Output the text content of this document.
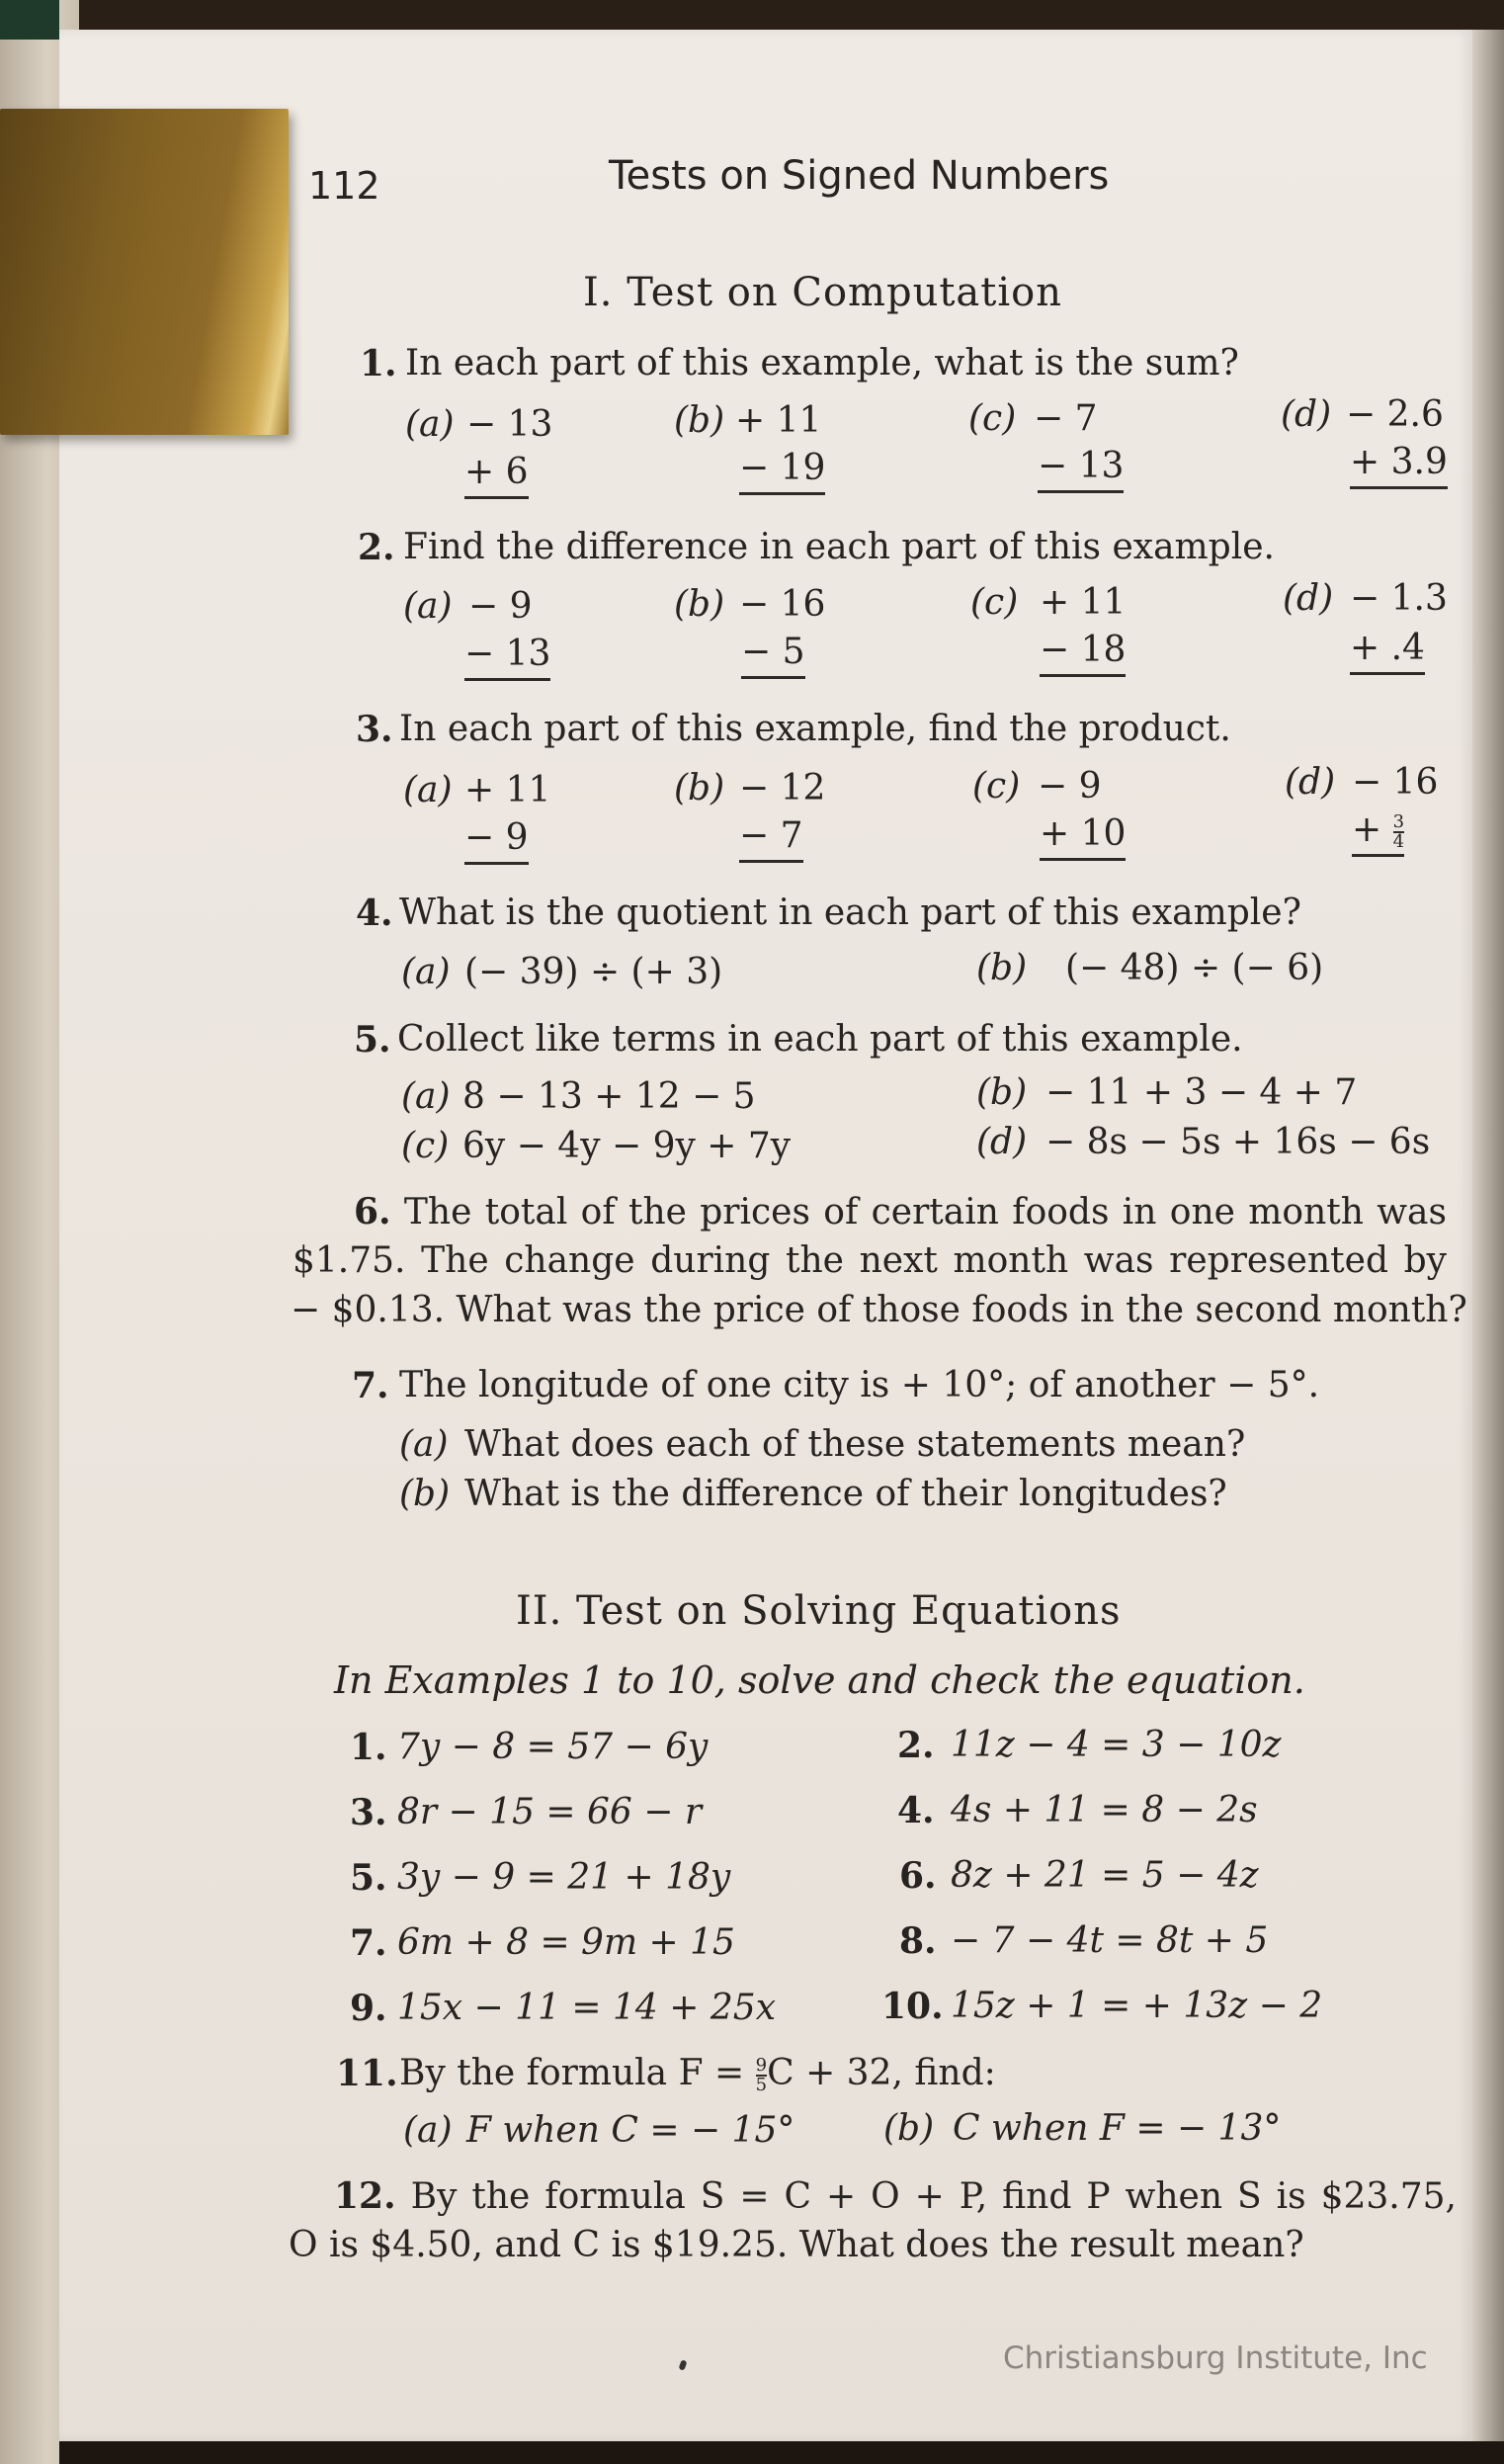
112	Tests on Signed Numbers
I. Test on Computation
1. In each part of this example, what is the sum?
(a) − 13
+ 6
(b) + 11
− 19
(c) − 7
− 13
(d) − 2.6
+ 3.9
2. Find the difference in each part of this example.
(a) − 9
− 13
(b) − 16
− 5
(c) + 11
− 18
(d) − 1.3
+ .4
3. In each part of this example, find the product.
(a) + 11
− 9
(b) − 12
− 7
(c) − 9
+ 10
(d) − 16
+ $\frac{3}{4}$
4. What is the quotient in each part of this example?
(a) (− 39) ÷ (+ 3)	(b) (− 48) ÷ (− 6)
5. Collect like terms in each part of this example.
(a) 8 − 13 + 12 − 5	(b) − 11 + 3 − 4 + 7
(c) 6y − 4y − 9y + 7y	(d) − 8s − 5s + 16s − 6s
6. The total of the prices of certain foods in one month was
$1.75. The change during the next month was represented by
− $0.13. What was the price of those foods in the second month?
7. The longitude of one city is + 10°; of another − 5°.
(a) What does each of these statements mean?
(b) What is the difference of their longitudes?
II. Test on Solving Equations
In Examples 1 to 10, solve and check the equation.
1. 7y − 8 = 57 − 6y	2. 11z − 4 = 3 − 10z
3. 8r − 15 = 66 − r	4. 4s + 11 = 8 − 2s
5. 3y − 9 = 21 + 18y	6. 8z + 21 = 5 − 4z
7. 6m + 8 = 9m + 15	8. − 7 − 4t = 8t + 5
9. 15x − 11 = 14 + 25x	10. 15z + 1 = + 13z − 2
11. By the formula $F = \frac{9}{5}$ C + 32, find:
(a) F when C = − 15° (b) C when F = − 13°
12. By the formula S = C + O + P, find P when S is $23.75,
O is $4.50, and C is $19.25. What does the result mean?
Christiansburg Institute, Inc
